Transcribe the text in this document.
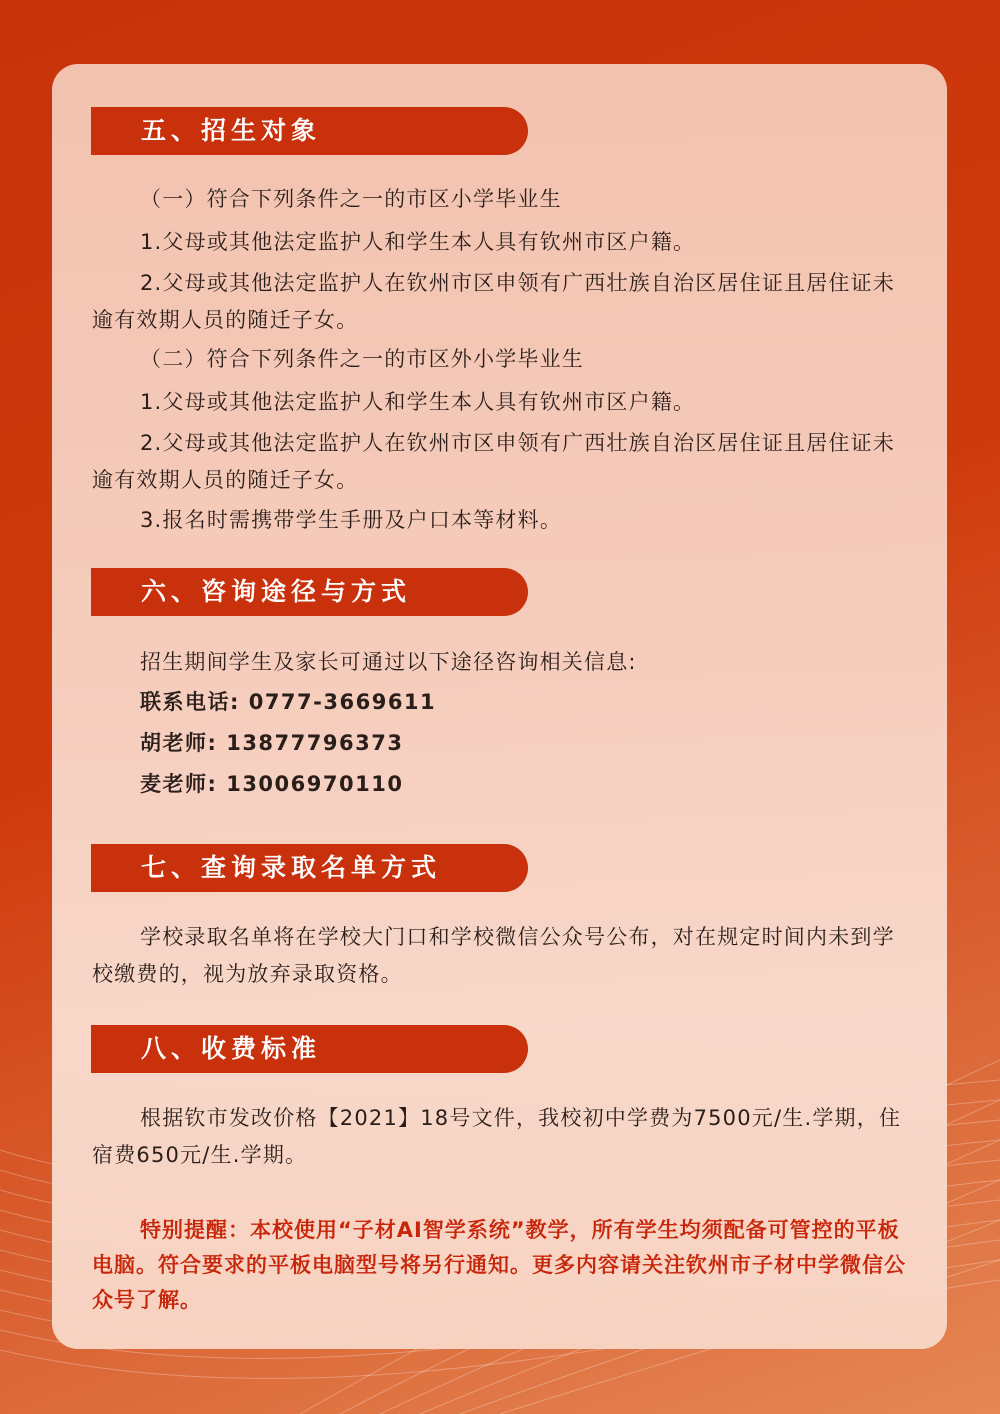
五、招生对象
（一）符合下列条件之一的市区小学毕业生
1.父母或其他法定监护人和学生本人具有钦州市区户籍。
2.父母或其他法定监护人在钦州市区申领有广西壮族自治区居住证且居住证未逾有效期人员的随迁子女。
（二）符合下列条件之一的市区外小学毕业生
1.父母或其他法定监护人和学生本人具有钦州市区户籍。
2.父母或其他法定监护人在钦州市区申领有广西壮族自治区居住证且居住证未逾有效期人员的随迁子女。
3.报名时需携带学生手册及户口本等材料。
六、咨询途径与方式
招生期间学生及家长可通过以下途径咨询相关信息:
联系电话: 0777-3669611
胡老师: 13877796373
麦老师: 13006970110
七、查询录取名单方式
学校录取名单将在学校大门口和学校微信公众号公布，对在规定时间内未到学校缴费的，视为放弃录取资格。
八、收费标准
根据钦市发改价格【2021】18号文件，我校初中学费为7500元/生.学期，住宿费650元/生.学期。
特别提醒：本校使用“子材AI智学系统”教学，所有学生均须配备可管控的平板电脑。符合要求的平板电脑型号将另行通知。更多内容请关注钦州市子材中学微信公众号了解。
